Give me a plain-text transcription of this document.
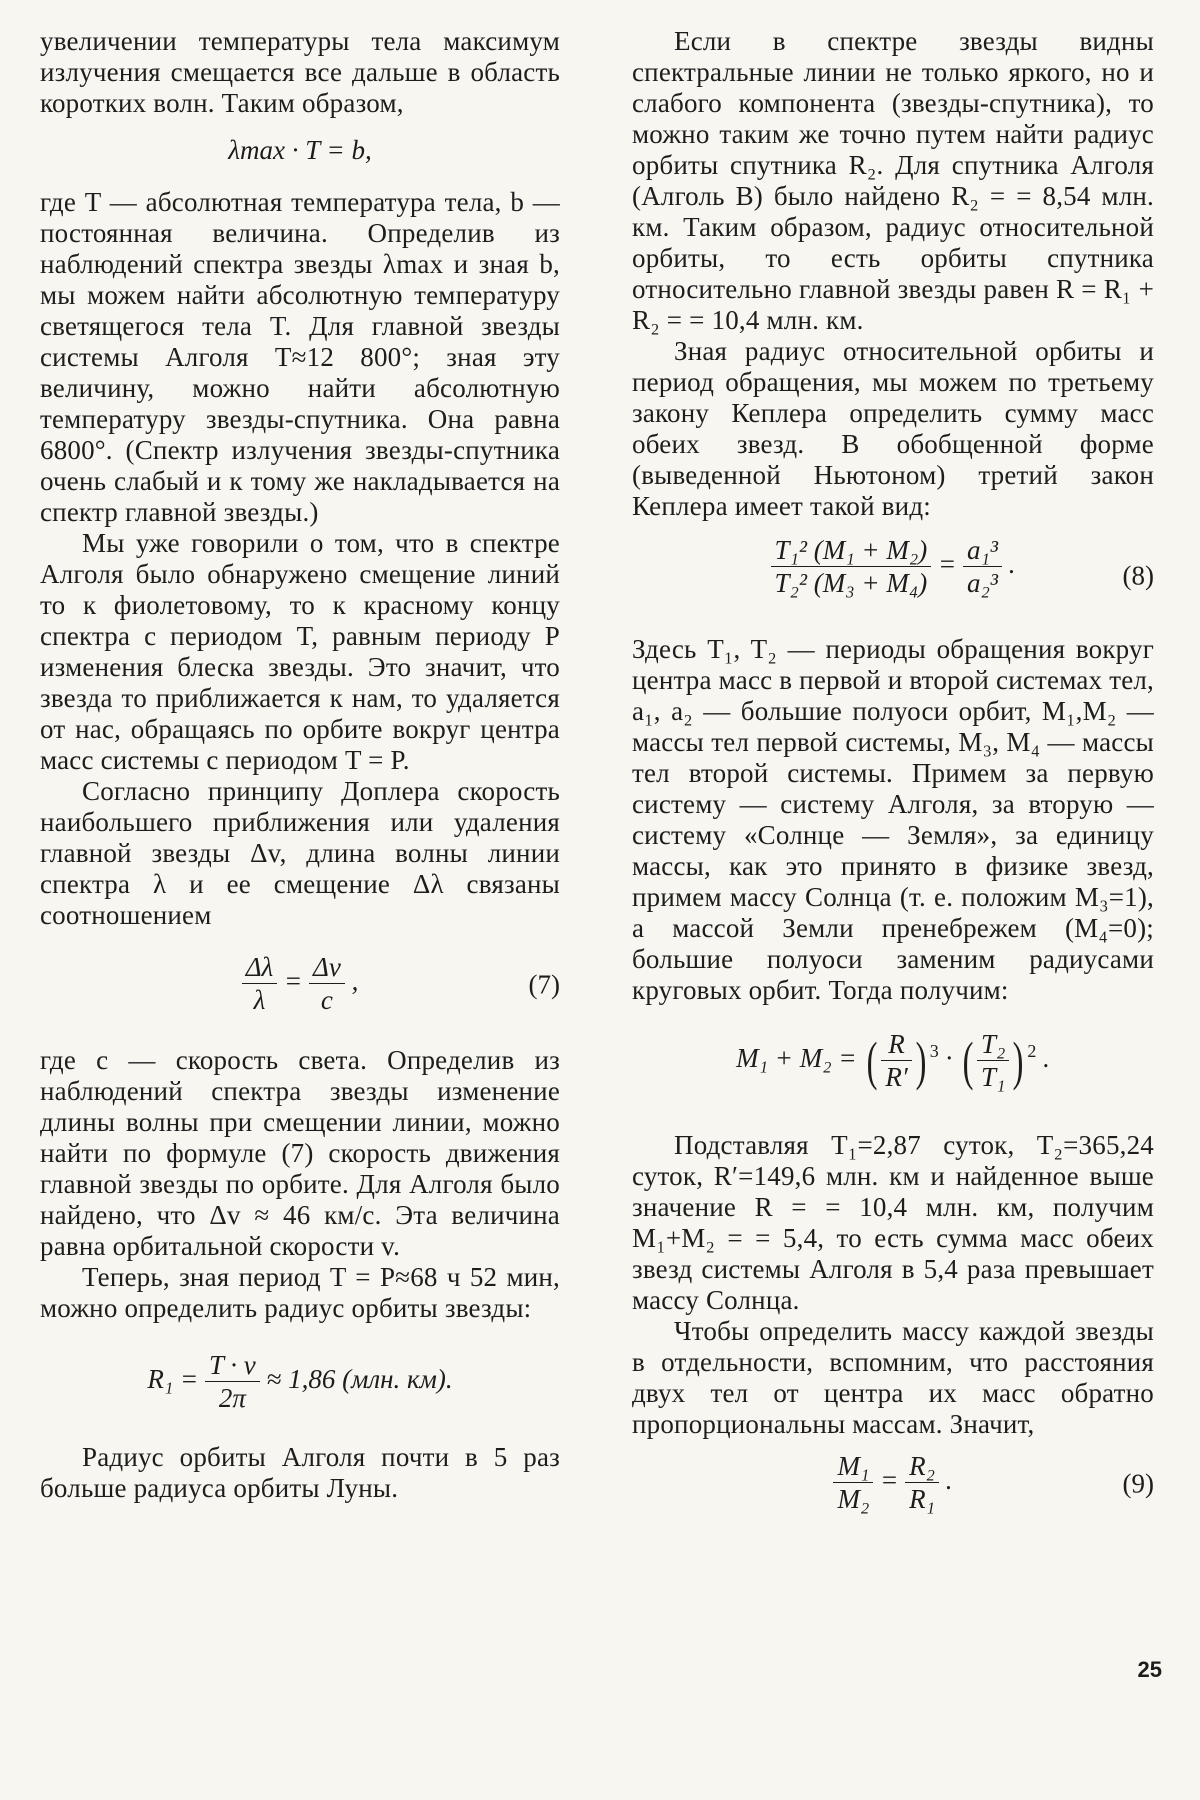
увеличении температуры тела максимум излучения смещается все дальше в область коротких волн. Таким образом,

λmax · T = b,

где T — абсолютная температура тела, b — постоянная величина. Определив из наблюдений спектра звезды λmax и зная b, мы можем найти абсолютную температуру светящегося тела T. Для главной звезды системы Алголя T≈12 800°; зная эту величину, можно найти абсолютную температуру звезды-спутника. Она равна 6800°. (Спектр излучения звезды-спутника очень слабый и к тому же накладывается на спектр главной звезды.)

Мы уже говорили о том, что в спектре Алголя было обнаружено смещение линий то к фиолетовому, то к красному концу спектра с периодом T, равным периоду P изменения блеска звезды. Это значит, что звезда то приближается к нам, то удаляется от нас, обращаясь по орбите вокруг центра масс системы с периодом T = P.

Согласно принципу Доплера скорость наибольшего приближения или удаления главной звезды Δv, длина волны линии спектра λ и ее смещение Δλ связаны соотношением

$\frac{\Delta\lambda}{\lambda} = \frac{\Delta v}{c}$ ,	(7)

где c — скорость света. Определив из наблюдений спектра звезды изменение длины волны при смещении линии, можно найти по формуле (7) скорость движения главной звезды по орбите. Для Алголя было найдено, что Δv ≈ 46 км/с. Эта величина равна орбитальной скорости v.

Теперь, зная период T = P≈68 ч 52 мин, можно определить радиус орбиты звезды:

$R_1 = \frac{T \cdot v}{2\pi} \approx 1,86$ (млн. км).

Радиус орбиты Алголя почти в 5 раз больше радиуса орбиты Луны.

Если в спектре звезды видны спектральные линии не только яркого, но и слабого компонента (звезды-спутника), то можно таким же точно путем найти радиус орбиты спутника R₂. Для спутника Алголя (Алголь B) было найдено R₂ = = 8,54 млн. км. Таким образом, радиус относительной орбиты, то есть орбиты спутника относительно главной звезды равен R = R₁ + R₂ = = 10,4 млн. км.

Зная радиус относительной орбиты и период обращения, мы можем по третьему закону Кеплера определить сумму масс обеих звезд. В обобщенной форме (выведенной Ньютоном) третий закон Кеплера имеет такой вид:

$\frac{\text{T₁² (M₁ + M₂)}}{\text{T₂² (M₃ + M₄)}} = \frac{\text{a₁³}}{\text{a₂³}}$ .	(8)

Здесь T₁, T₂ — периоды обращения вокруг центра масс в первой и второй системах тел, a₁, a₂ — большие полуоси орбит, M₁,M₂ — массы тел первой системы, M₃, M₄ — массы тел второй системы. Примем за первую систему — систему Алголя, за вторую — систему «Солнце — Земля», за единицу массы, как это принято в физике звезд, примем массу Солнца (т. е. положим M₃=1), а массой Земли пренебрежем (M₄=0); большие полуоси заменим радиусами круговых орбит. Тогда получим:

M₁ + M₂ = ( $\frac{R}{R'}$ ) $^3$ · ( $\frac{\text{T₂}}{\text{T₁}}$ ) $^2$ .

Подставляя T₁=2,87 суток, T₂=365,24 суток, R′=149,6 млн. км и найденное выше значение R = = 10,4 млн. км, получим M₁+M₂ = = 5,4, то есть сумма масс обеих звезд системы Алголя в 5,4 раза превышает массу Солнца.

Чтобы определить массу каждой звезды в отдельности, вспомним, что расстояния двух тел от центра их масс обратно пропорциональны массам. Значит,

$\frac{\text{M₁}}{\text{M₂}} = \frac{\text{R₂}}{\text{R₁}}$ .	(9)
25
